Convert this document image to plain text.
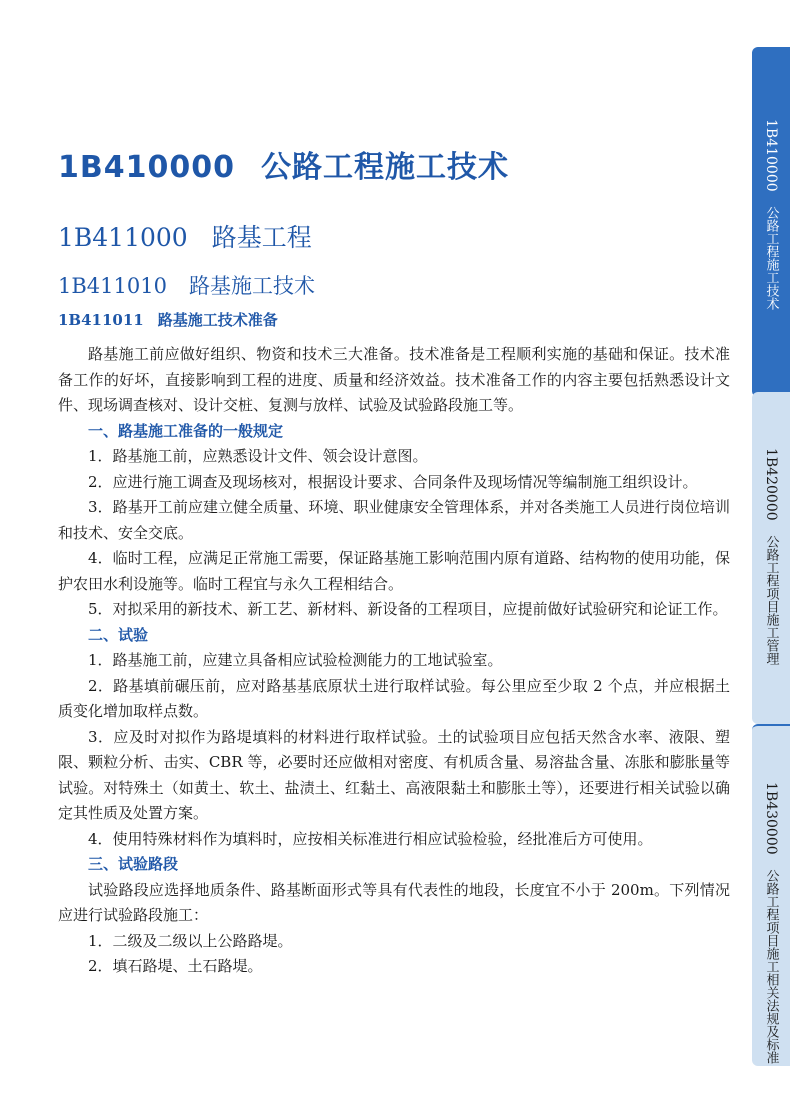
1B410000 公路工程施工技术
1B411000 路基工程
1B411010 路基施工技术
1B411011 路基施工技术准备

路基施工前应做好组织、物资和技术三大准备。技术准备是工程顺利实施的基础和保证。技术准备工作的好坏，直接影响到工程的进度、质量和经济效益。技术准备工作的内容主要包括熟悉设计文件、现场调查核对、设计交桩、复测与放样、试验及试验路段施工等。

一、路基施工准备的一般规定

1．路基施工前，应熟悉设计文件、领会设计意图。

2．应进行施工调查及现场核对，根据设计要求、合同条件及现场情况等编制施工组织设计。

3．路基开工前应建立健全质量、环境、职业健康安全管理体系，并对各类施工人员进行岗位培训和技术、安全交底。

4．临时工程，应满足正常施工需要，保证路基施工影响范围内原有道路、结构物的使用功能，保护农田水利设施等。临时工程宜与永久工程相结合。

5．对拟采用的新技术、新工艺、新材料、新设备的工程项目，应提前做好试验研究和论证工作。

二、试验

1．路基施工前，应建立具备相应试验检测能力的工地试验室。

2．路基填前碾压前，应对路基基底原状土进行取样试验。每公里应至少取 2 个点，并应根据土质变化增加取样点数。

3．应及时对拟作为路堤填料的材料进行取样试验。土的试验项目应包括天然含水率、液限、塑限、颗粒分析、击实、CBR 等，必要时还应做相对密度、有机质含量、易溶盐含量、冻胀和膨胀量等试验。对特殊土（如黄土、软土、盐渍土、红黏土、高液限黏土和膨胀土等），还要进行相关试验以确定其性质及处置方案。

4．使用特殊材料作为填料时，应按相关标准进行相应试验检验，经批准后方可使用。

三、试验路段

试验路段应选择地质条件、路基断面形式等具有代表性的地段，长度宜不小于 200m。下列情况应进行试验路段施工：

1．二级及二级以上公路路堤。

2．填石路堤、土石路堤。

1B410000
公路工程施工技术
1B420000
公路工程项目施工管理
1B430000
公路工程项目施工相关法规及标准
